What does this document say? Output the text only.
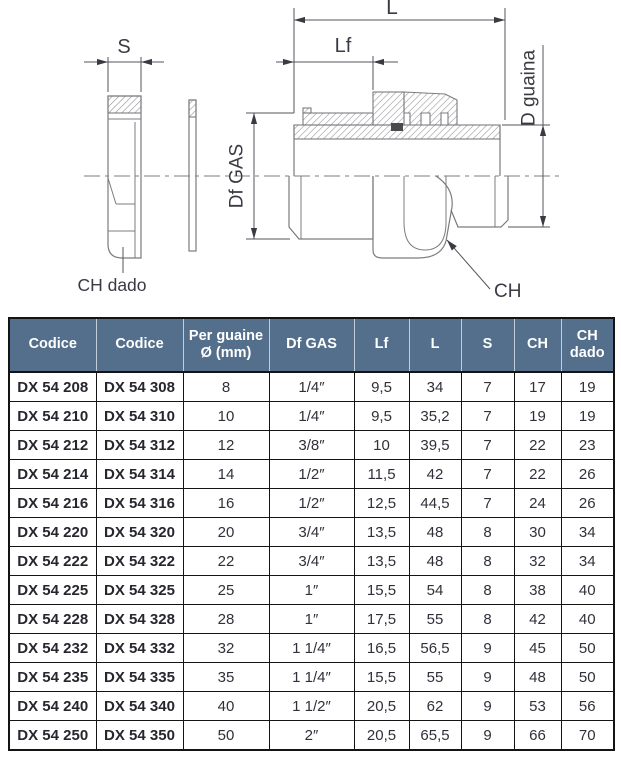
S
L
Lf
Df GAS
D guaina
CH dado	CH
Codice	Codice	Per guaine Ø (mm)	Df GAS	Lf	L	S	CH	CH dado
DX 54 208	DX 54 308	8	1/4″	9,5	34	7	17	19
DX 54 210	DX 54 310	10	1/4″	9,5	35,2	7	19	19
DX 54 212	DX 54 312	12	3/8″	10	39,5	7	22	23
DX 54 214	DX 54 314	14	1/2″	11,5	42	7	22	26
DX 54 216	DX 54 316	16	1/2″	12,5	44,5	7	24	26
DX 54 220	DX 54 320	20	3/4″	13,5	48	8	30	34
DX 54 222	DX 54 322	22	3/4″	13,5	48	8	32	34
DX 54 225	DX 54 325	25	1″	15,5	54	8	38	40
DX 54 228	DX 54 328	28	1″	17,5	55	8	42	40
DX 54 232	DX 54 332	32	1 1/4″	16,5	56,5	9	45	50
DX 54 235	DX 54 335	35	1 1/4″	15,5	55	9	48	50
DX 54 240	DX 54 340	40	1 1/2″	20,5	62	9	53	56
DX 54 250	DX 54 350	50	2″	20,5	65,5	9	66	70
